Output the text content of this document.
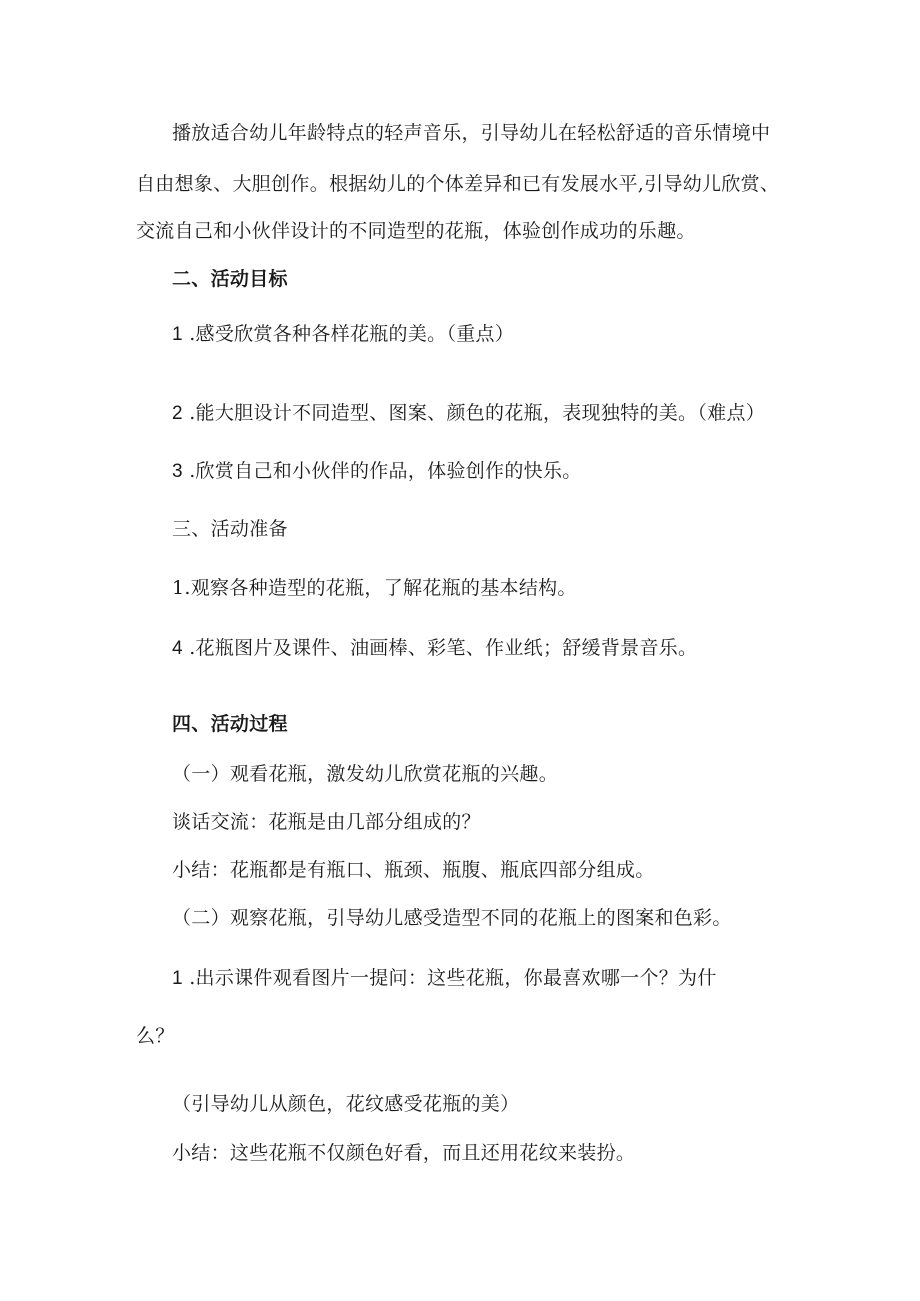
播放适合幼儿年龄特点的轻声音乐，引导幼儿在轻松舒适的音乐情境中
自由想象、大胆创作。根据幼儿的个体差异和已有发展水平,引导幼儿欣赏、
交流自己和小伙伴设计的不同造型的花瓶，体验创作成功的乐趣。
二、活动目标
1 .感受欣赏各种各样花瓶的美。（重点）
2 .能大胆设计不同造型、图案、颜色的花瓶，表现独特的美。（难点）
3 .欣赏自己和小伙伴的作品，体验创作的快乐。
三、活动准备
1.观察各种造型的花瓶，了解花瓶的基本结构。
4 .花瓶图片及课件、油画棒、彩笔、作业纸；舒缓背景音乐。
四、活动过程
（一）观看花瓶，激发幼儿欣赏花瓶的兴趣。
谈话交流：花瓶是由几部分组成的？
小结：花瓶都是有瓶口、瓶颈、瓶腹、瓶底四部分组成。
（二）观察花瓶，引导幼儿感受造型不同的花瓶上的图案和色彩。
1 .出示课件观看图片一提问：这些花瓶，你最喜欢哪一个？为什
么？
（引导幼儿从颜色，花纹感受花瓶的美）
小结：这些花瓶不仅颜色好看，而且还用花纹来装扮。
